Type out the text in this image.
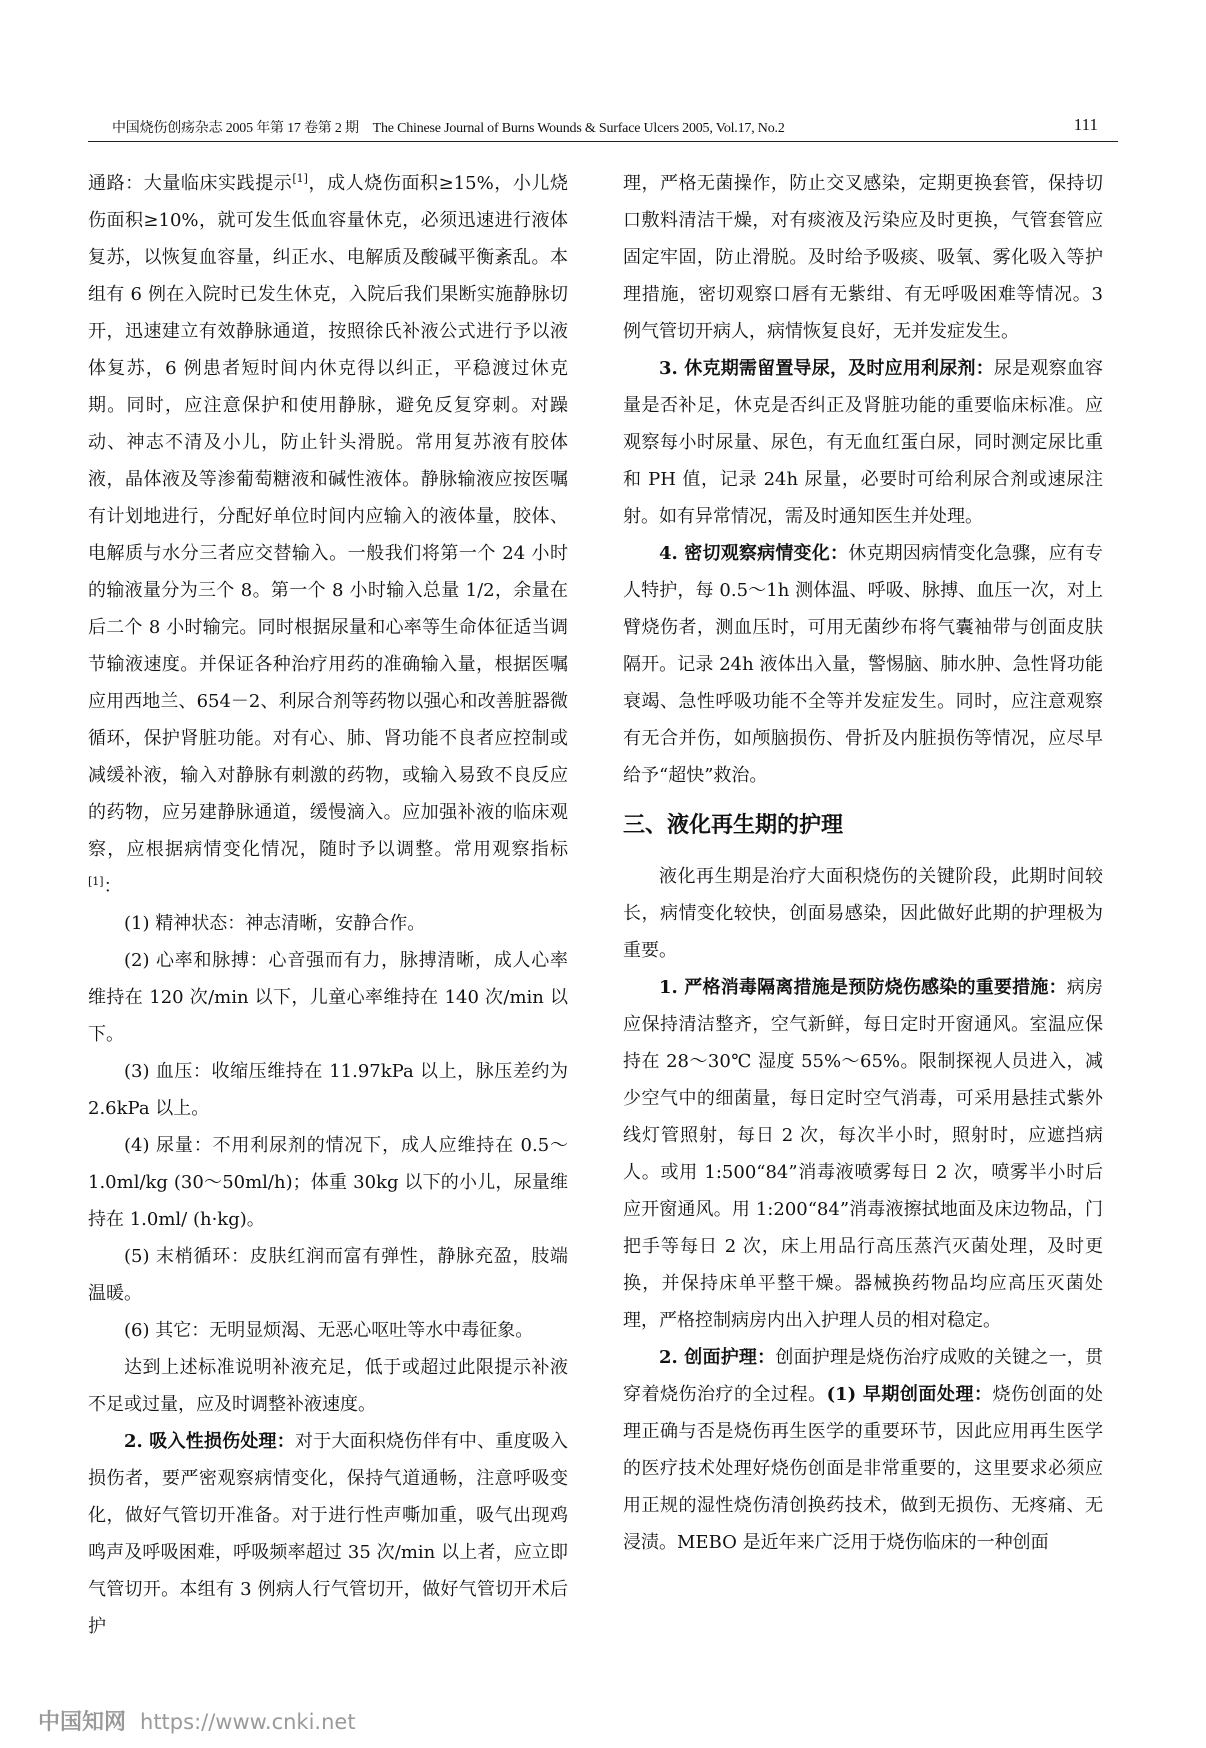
中国烧伤创疡杂志 2005 年第 17 卷第 2 期　The Chinese Journal of Burns Wounds & Surface Ulcers 2005, Vol.17, No.2	111

通路：大量临床实践提示[1]，成人烧伤面积≥15%，小儿烧伤面积≥10%，就可发生低血容量休克，必须迅速进行液体复苏，以恢复血容量，纠正水、电解质及酸碱平衡紊乱。本组有 6 例在入院时已发生休克，入院后我们果断实施静脉切开，迅速建立有效静脉通道，按照徐氏补液公式进行予以液体复苏，6 例患者短时间内休克得以纠正，平稳渡过休克期。同时，应注意保护和使用静脉，避免反复穿刺。对躁动、神志不清及小儿，防止针头滑脱。常用复苏液有胶体液，晶体液及等渗葡萄糖液和碱性液体。静脉输液应按医嘱有计划地进行，分配好单位时间内应输入的液体量，胶体、电解质与水分三者应交替输入。一般我们将第一个 24 小时的输液量分为三个 8。第一个 8 小时输入总量 1/2，余量在后二个 8 小时输完。同时根据尿量和心率等生命体征适当调节输液速度。并保证各种治疗用药的准确输入量，根据医嘱应用西地兰、654－2、利尿合剂等药物以强心和改善脏器微循环，保护肾脏功能。对有心、肺、肾功能不良者应控制或减缓补液，输入对静脉有刺激的药物，或输入易致不良反应的药物，应另建静脉通道，缓慢滴入。应加强补液的临床观察，应根据病情变化情况，随时予以调整。常用观察指标[1]：

(1) 精神状态：神志清晰，安静合作。

(2) 心率和脉搏：心音强而有力，脉搏清晰，成人心率维持在 120 次/min 以下，儿童心率维持在 140 次/min 以下。

(3) 血压：收缩压维持在 11.97kPa 以上，脉压差约为 2.6kPa 以上。

(4) 尿量：不用利尿剂的情况下，成人应维持在 0.5～1.0ml/kg (30～50ml/h)；体重 30kg 以下的小儿，尿量维持在 1.0ml/ (h·kg)。

(5) 末梢循环：皮肤红润而富有弹性，静脉充盈，肢端温暖。

(6) 其它：无明显烦渴、无恶心呕吐等水中毒征象。

达到上述标准说明补液充足，低于或超过此限提示补液不足或过量，应及时调整补液速度。

2. 吸入性损伤处理：对于大面积烧伤伴有中、重度吸入损伤者，要严密观察病情变化，保持气道通畅，注意呼吸变化，做好气管切开准备。对于进行性声嘶加重，吸气出现鸡鸣声及呼吸困难，呼吸频率超过 35 次/min 以上者，应立即气管切开。本组有 3 例病人行气管切开，做好气管切开术后护

理，严格无菌操作，防止交叉感染，定期更换套管，保持切口敷料清洁干燥，对有痰液及污染应及时更换，气管套管应固定牢固，防止滑脱。及时给予吸痰、吸氧、雾化吸入等护理措施，密切观察口唇有无紫绀、有无呼吸困难等情况。3 例气管切开病人，病情恢复良好，无并发症发生。

3. 休克期需留置导尿，及时应用利尿剂：尿是观察血容量是否补足，休克是否纠正及肾脏功能的重要临床标准。应观察每小时尿量、尿色，有无血红蛋白尿，同时测定尿比重和 PH 值，记录 24h 尿量，必要时可给利尿合剂或速尿注射。如有异常情况，需及时通知医生并处理。

4. 密切观察病情变化：休克期因病情变化急骤，应有专人特护，每 0.5～1h 测体温、呼吸、脉搏、血压一次，对上臂烧伤者，测血压时，可用无菌纱布将气囊袖带与创面皮肤隔开。记录 24h 液体出入量，警惕脑、肺水肿、急性肾功能衰竭、急性呼吸功能不全等并发症发生。同时，应注意观察有无合并伤，如颅脑损伤、骨折及内脏损伤等情况，应尽早给予“超快”救治。

三、液化再生期的护理

液化再生期是治疗大面积烧伤的关键阶段，此期时间较长，病情变化较快，创面易感染，因此做好此期的护理极为重要。

1. 严格消毒隔离措施是预防烧伤感染的重要措施：病房应保持清洁整齐，空气新鲜，每日定时开窗通风。室温应保持在 28～30℃ 湿度 55%～65%。限制探视人员进入，减少空气中的细菌量，每日定时空气消毒，可采用悬挂式紫外线灯管照射，每日 2 次，每次半小时，照射时，应遮挡病人。或用 1:500“84”消毒液喷雾每日 2 次，喷雾半小时后应开窗通风。用 1:200“84”消毒液擦拭地面及床边物品，门把手等每日 2 次，床上用品行高压蒸汽灭菌处理，及时更换，并保持床单平整干燥。器械换药物品均应高压灭菌处理，严格控制病房内出入护理人员的相对稳定。

2. 创面护理：创面护理是烧伤治疗成败的关键之一，贯穿着烧伤治疗的全过程。(1) 早期创面处理：烧伤创面的处理正确与否是烧伤再生医学的重要环节，因此应用再生医学的医疗技术处理好烧伤创面是非常重要的，这里要求必须应用正规的湿性烧伤清创换药技术，做到无损伤、无疼痛、无浸渍。MEBO 是近年来广泛用于烧伤临床的一种创面

中国知网 https://www.cnki.net
